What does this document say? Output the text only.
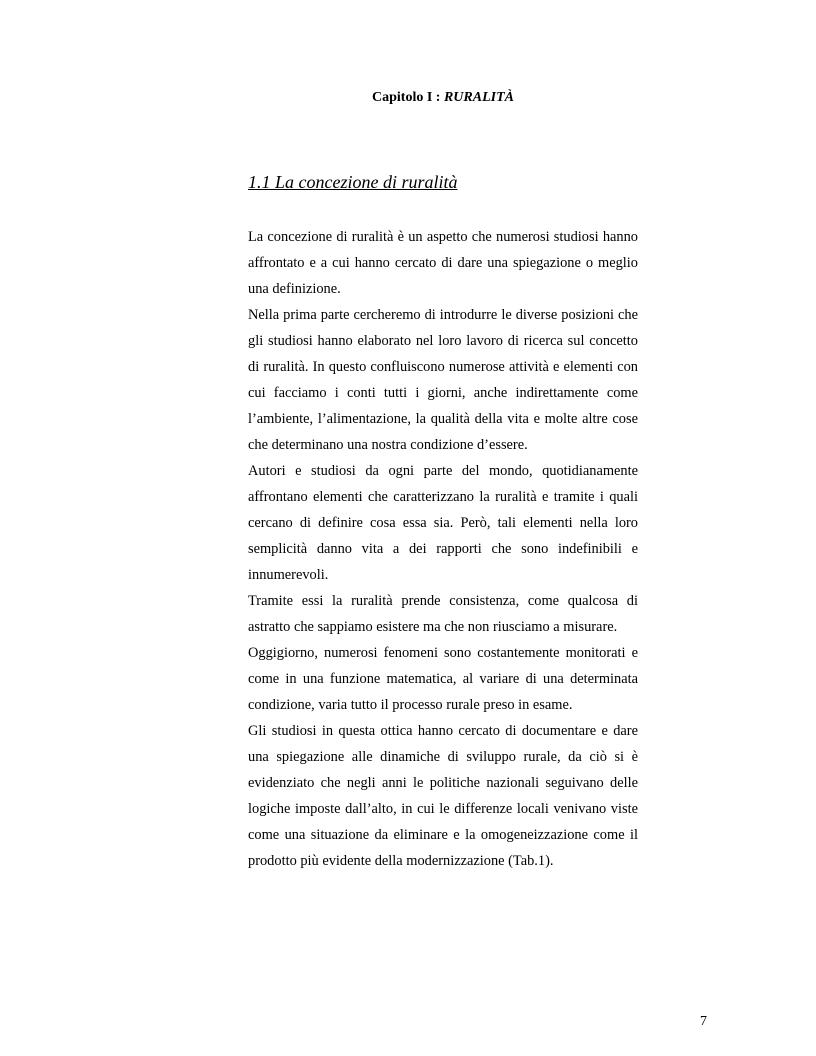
Capitolo I : RURALITÀ
1.1 La concezione di ruralità

La concezione di ruralità è un aspetto che numerosi studiosi hanno affrontato e a cui hanno cercato di dare una spiegazione o meglio una definizione.

Nella prima parte cercheremo di introdurre le diverse posizioni che gli studiosi hanno elaborato nel loro lavoro di ricerca sul concetto di ruralità. In questo confluiscono numerose attività e elementi con cui facciamo i conti tutti i giorni, anche indirettamente come l’ambiente, l’alimentazione, la qualità della vita e molte altre cose che determinano una nostra condizione d’essere.

Autori e studiosi da ogni parte del mondo, quotidianamente affrontano elementi che caratterizzano la ruralità e tramite i quali cercano di definire cosa essa sia. Però, tali elementi nella loro semplicità danno vita a dei rapporti che sono indefinibili e innumerevoli.

Tramite essi la ruralità prende consistenza, come qualcosa di astratto che sappiamo esistere ma che non riusciamo a misurare.

Oggigiorno, numerosi fenomeni sono costantemente monitorati e come in una funzione matematica, al variare di una determinata condizione, varia tutto il processo rurale preso in esame.

Gli studiosi in questa ottica hanno cercato di documentare e dare una spiegazione alle dinamiche di sviluppo rurale, da ciò si è evidenziato che negli anni le politiche nazionali seguivano delle logiche imposte dall’alto, in cui le differenze locali venivano viste come una situazione da eliminare e la omogeneizzazione come il prodotto più evidente della modernizzazione (Tab.1).

7
